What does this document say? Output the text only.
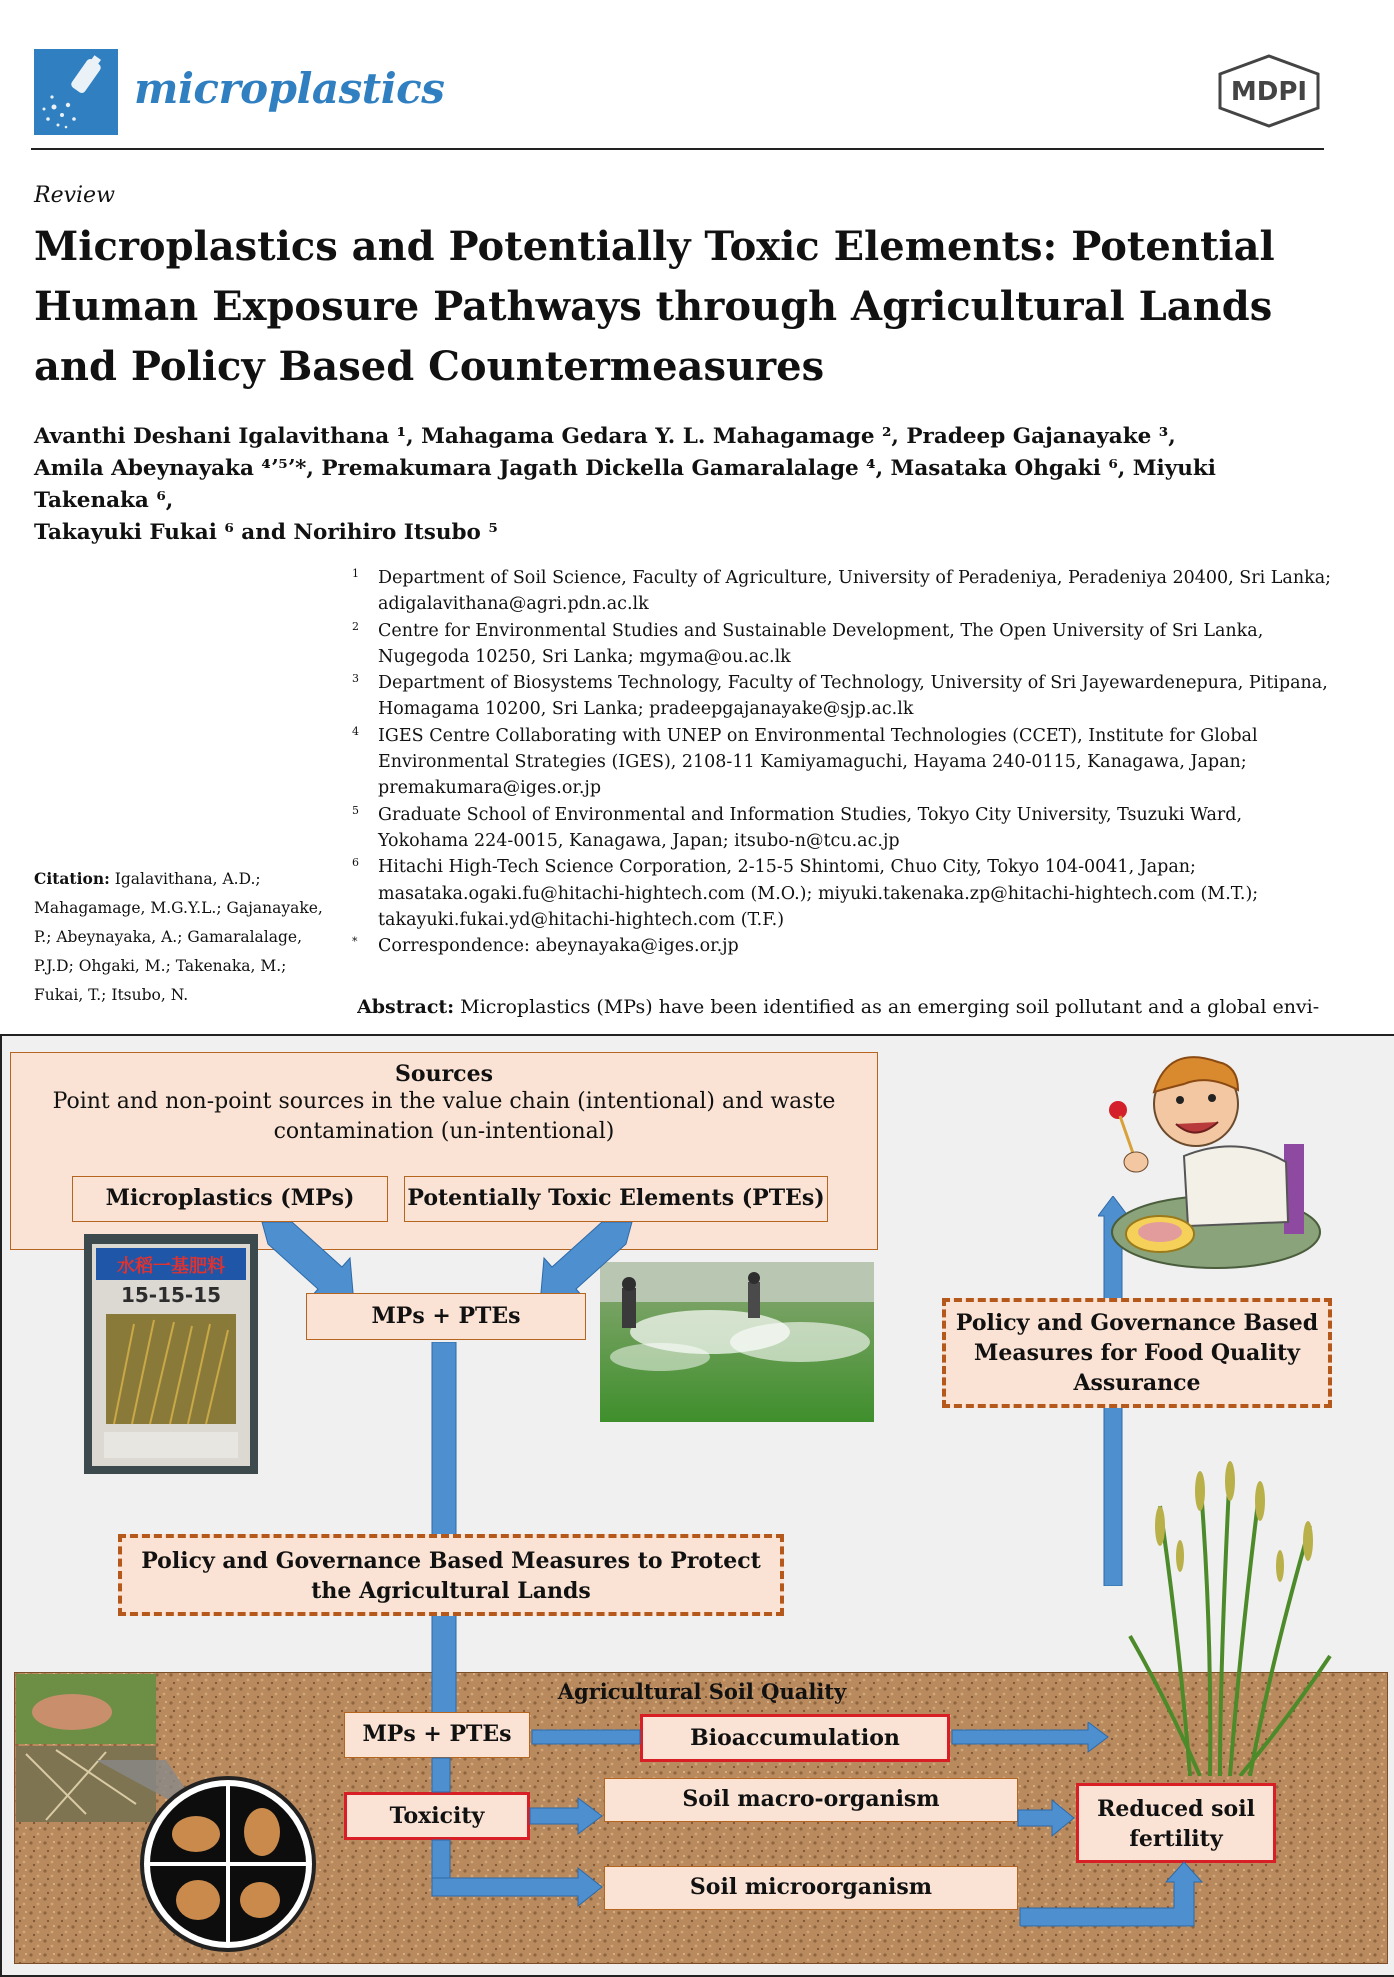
microplastics	MDPI
Review
Microplastics and Potentially Toxic Elements: Potential Human Exposure Pathways through Agricultural Lands and Policy Based Countermeasures
Avanthi Deshani Igalavithana ¹, Mahagama Gedara Y. L. Mahagamage ², Pradeep Gajanayake ³,
Amila Abeynayaka ⁴ʼ⁵ʼ*, Premakumara Jagath Dickella Gamaralalage ⁴, Masataka Ohgaki ⁶, Miyuki Takenaka ⁶,
Takayuki Fukai ⁶ and Norihiro Itsubo ⁵
1	Department of Soil Science, Faculty of Agriculture, University of Peradeniya, Peradeniya 20400, Sri Lanka; adigalavithana@agri.pdn.ac.lk
2	Centre for Environmental Studies and Sustainable Development, The Open University of Sri Lanka, Nugegoda 10250, Sri Lanka; mgyma@ou.ac.lk
3	Department of Biosystems Technology, Faculty of Technology, University of Sri Jayewardenepura, Pitipana, Homagama 10200, Sri Lanka; pradeepgajanayake@sjp.ac.lk
4	IGES Centre Collaborating with UNEP on Environmental Technologies (CCET), Institute for Global Environmental Strategies (IGES), 2108-11 Kamiyamaguchi, Hayama 240-0115, Kanagawa, Japan; premakumara@iges.or.jp
5	Graduate School of Environmental and Information Studies, Tokyo City University, Tsuzuki Ward, Yokohama 224-0015, Kanagawa, Japan; itsubo-n@tcu.ac.jp
6	Hitachi High-Tech Science Corporation, 2-15-5 Shintomi, Chuo City, Tokyo 104-0041, Japan; masataka.ogaki.fu@hitachi-hightech.com (M.O.); miyuki.takenaka.zp@hitachi-hightech.com (M.T.); takayuki.fukai.yd@hitachi-hightech.com (T.F.)
*	Correspondence: abeynayaka@iges.or.jp
Citation: Igalavithana, A.D.; Mahagamage, M.G.Y.L.; Gajanayake, P.; Abeynayaka, A.; Gamaralalage, P.J.D; Ohgaki, M.; Takenaka, M.; Fukai, T.; Itsubo, N.
Abstract: Microplastics (MPs) have been identified as an emerging soil pollutant and a global envi-
Sources
Point and non-point sources in the value chain (intentional) and waste contamination (un-intentional)
Microplastics (MPs)	Potentially Toxic Elements (PTEs)
水稻一基肥料
15-15-15
MPs + PTEs
Policy and Governance Based Measures to Protect the Agricultural Lands
Policy and Governance Based Measures for Food Quality Assurance
Agricultural Soil Quality
MPs + PTEs	Bioaccumulation
Toxicity
Soil macro-organism
Soil microorganism
Reduced soil fertility
